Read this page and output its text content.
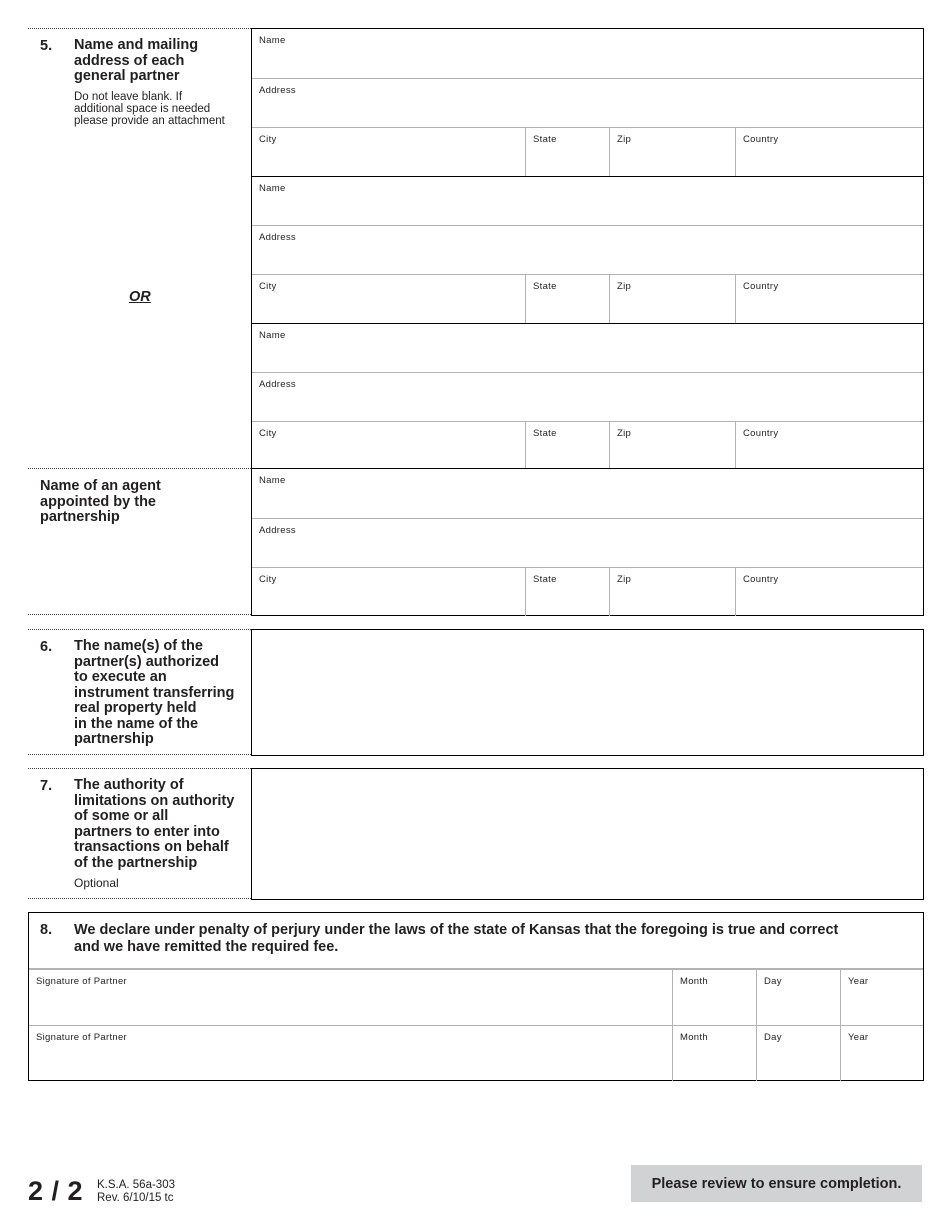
5. Name and mailing
address of each
general partner
Do not leave blank. If
additional space is needed
please provide an attachment
OR
Name
Address
City	State	Zip	Country
Name
Address
City	State	Zip	Country
Name
Address
City	State	Zip	Country
Name of an agent
appointed by the
partnership
Name
Address
City	State	Zip	Country
6. The name(s) of the
partner(s) authorized
to execute an
instrument transferring
real property held
in the name of the
partnership
7. The authority of
limitations on authority
of some or all
partners to enter into
transactions on behalf
of the partnership
Optional
8. We declare under penalty of perjury under the laws of the state of Kansas that the foregoing is true and correct
and we have remitted the required fee.
Signature of Partner	Month	Day	Year
Signature of Partner	Month	Day	Year
2 / 2 K.S.A. 56a-303
Rev. 6/10/15 tc
Please review to ensure completion.
